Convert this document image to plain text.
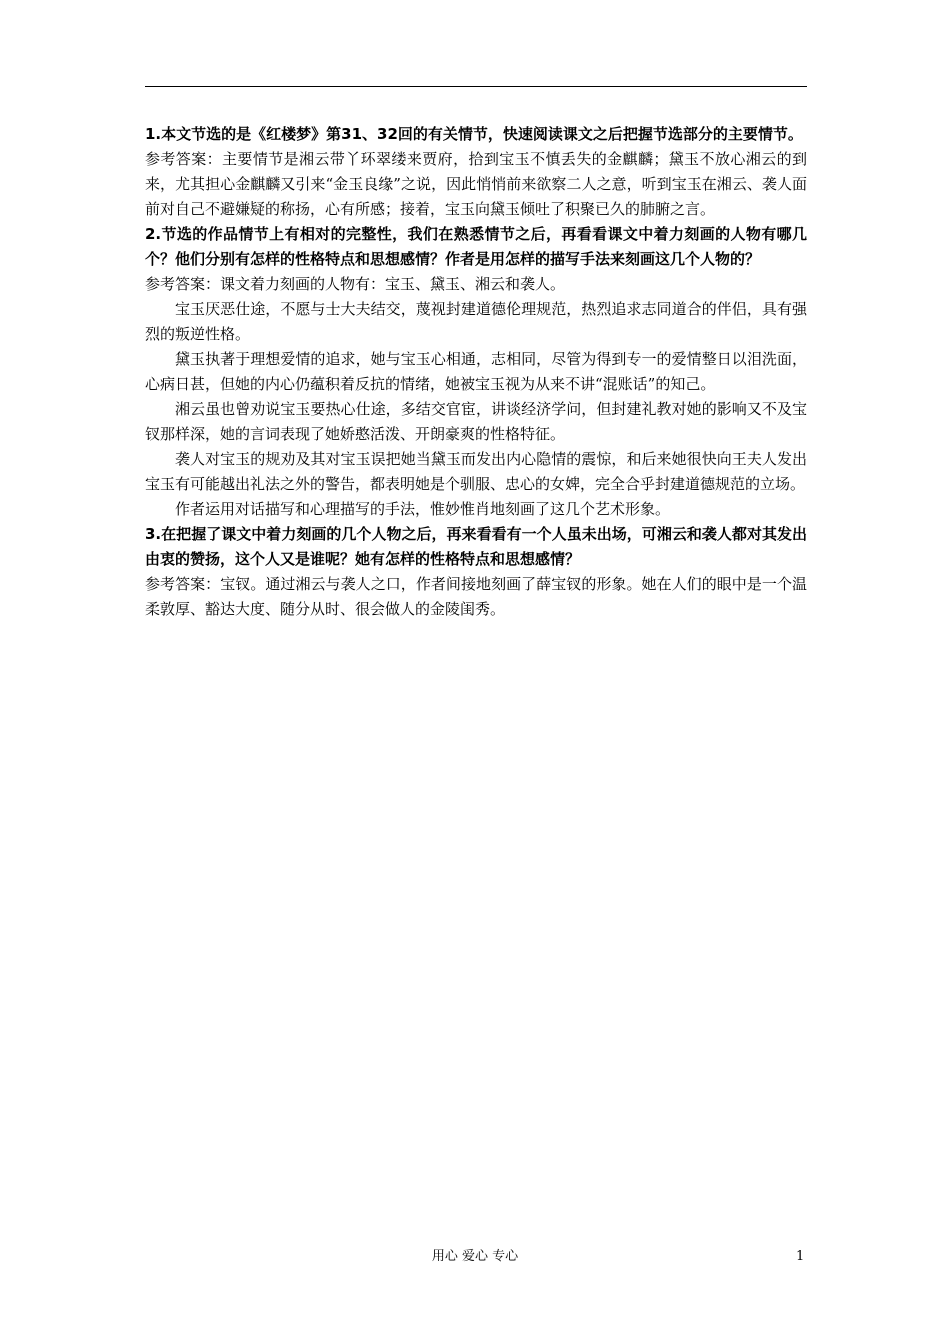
1.本文节选的是《红楼梦》第31、32回的有关情节，快速阅读课文之后把握节选部分的主要情节。

参考答案：主要情节是湘云带丫环翠缕来贾府，拾到宝玉不慎丢失的金麒麟；黛玉不放心湘云的到来，尤其担心金麒麟又引来“金玉良缘”之说，因此悄悄前来欲察二人之意，听到宝玉在湘云、袭人面前对自己不避嫌疑的称扬，心有所感；接着，宝玉向黛玉倾吐了积聚已久的肺腑之言。

2.节选的作品情节上有相对的完整性，我们在熟悉情节之后，再看看课文中着力刻画的人物有哪几个？他们分别有怎样的性格特点和思想感情？作者是用怎样的描写手法来刻画这几个人物的？

参考答案：课文着力刻画的人物有：宝玉、黛玉、湘云和袭人。

宝玉厌恶仕途，不愿与士大夫结交，蔑视封建道德伦理规范，热烈追求志同道合的伴侣，具有强烈的叛逆性格。

黛玉执著于理想爱情的追求，她与宝玉心相通，志相同，尽管为得到专一的爱情整日以泪洗面，心病日甚，但她的内心仍蕴积着反抗的情绪，她被宝玉视为从来不讲“混账话”的知己。

湘云虽也曾劝说宝玉要热心仕途，多结交官宦，讲谈经济学问，但封建礼教对她的影响又不及宝钗那样深，她的言词表现了她娇憨活泼、开朗豪爽的性格特征。

袭人对宝玉的规劝及其对宝玉误把她当黛玉而发出内心隐情的震惊，和后来她很快向王夫人发出宝玉有可能越出礼法之外的警告，都表明她是个驯服、忠心的女婢，完全合乎封建道德规范的立场。

作者运用对话描写和心理描写的手法，惟妙惟肖地刻画了这几个艺术形象。

3.在把握了课文中着力刻画的几个人物之后，再来看看有一个人虽未出场，可湘云和袭人都对其发出由衷的赞扬，这个人又是谁呢？她有怎样的性格特点和思想感情？

参考答案：宝钗。通过湘云与袭人之口，作者间接地刻画了薛宝钗的形象。她在人们的眼中是一个温柔敦厚、豁达大度、随分从时、很会做人的金陵闺秀。

用心 爱心 专心	1
